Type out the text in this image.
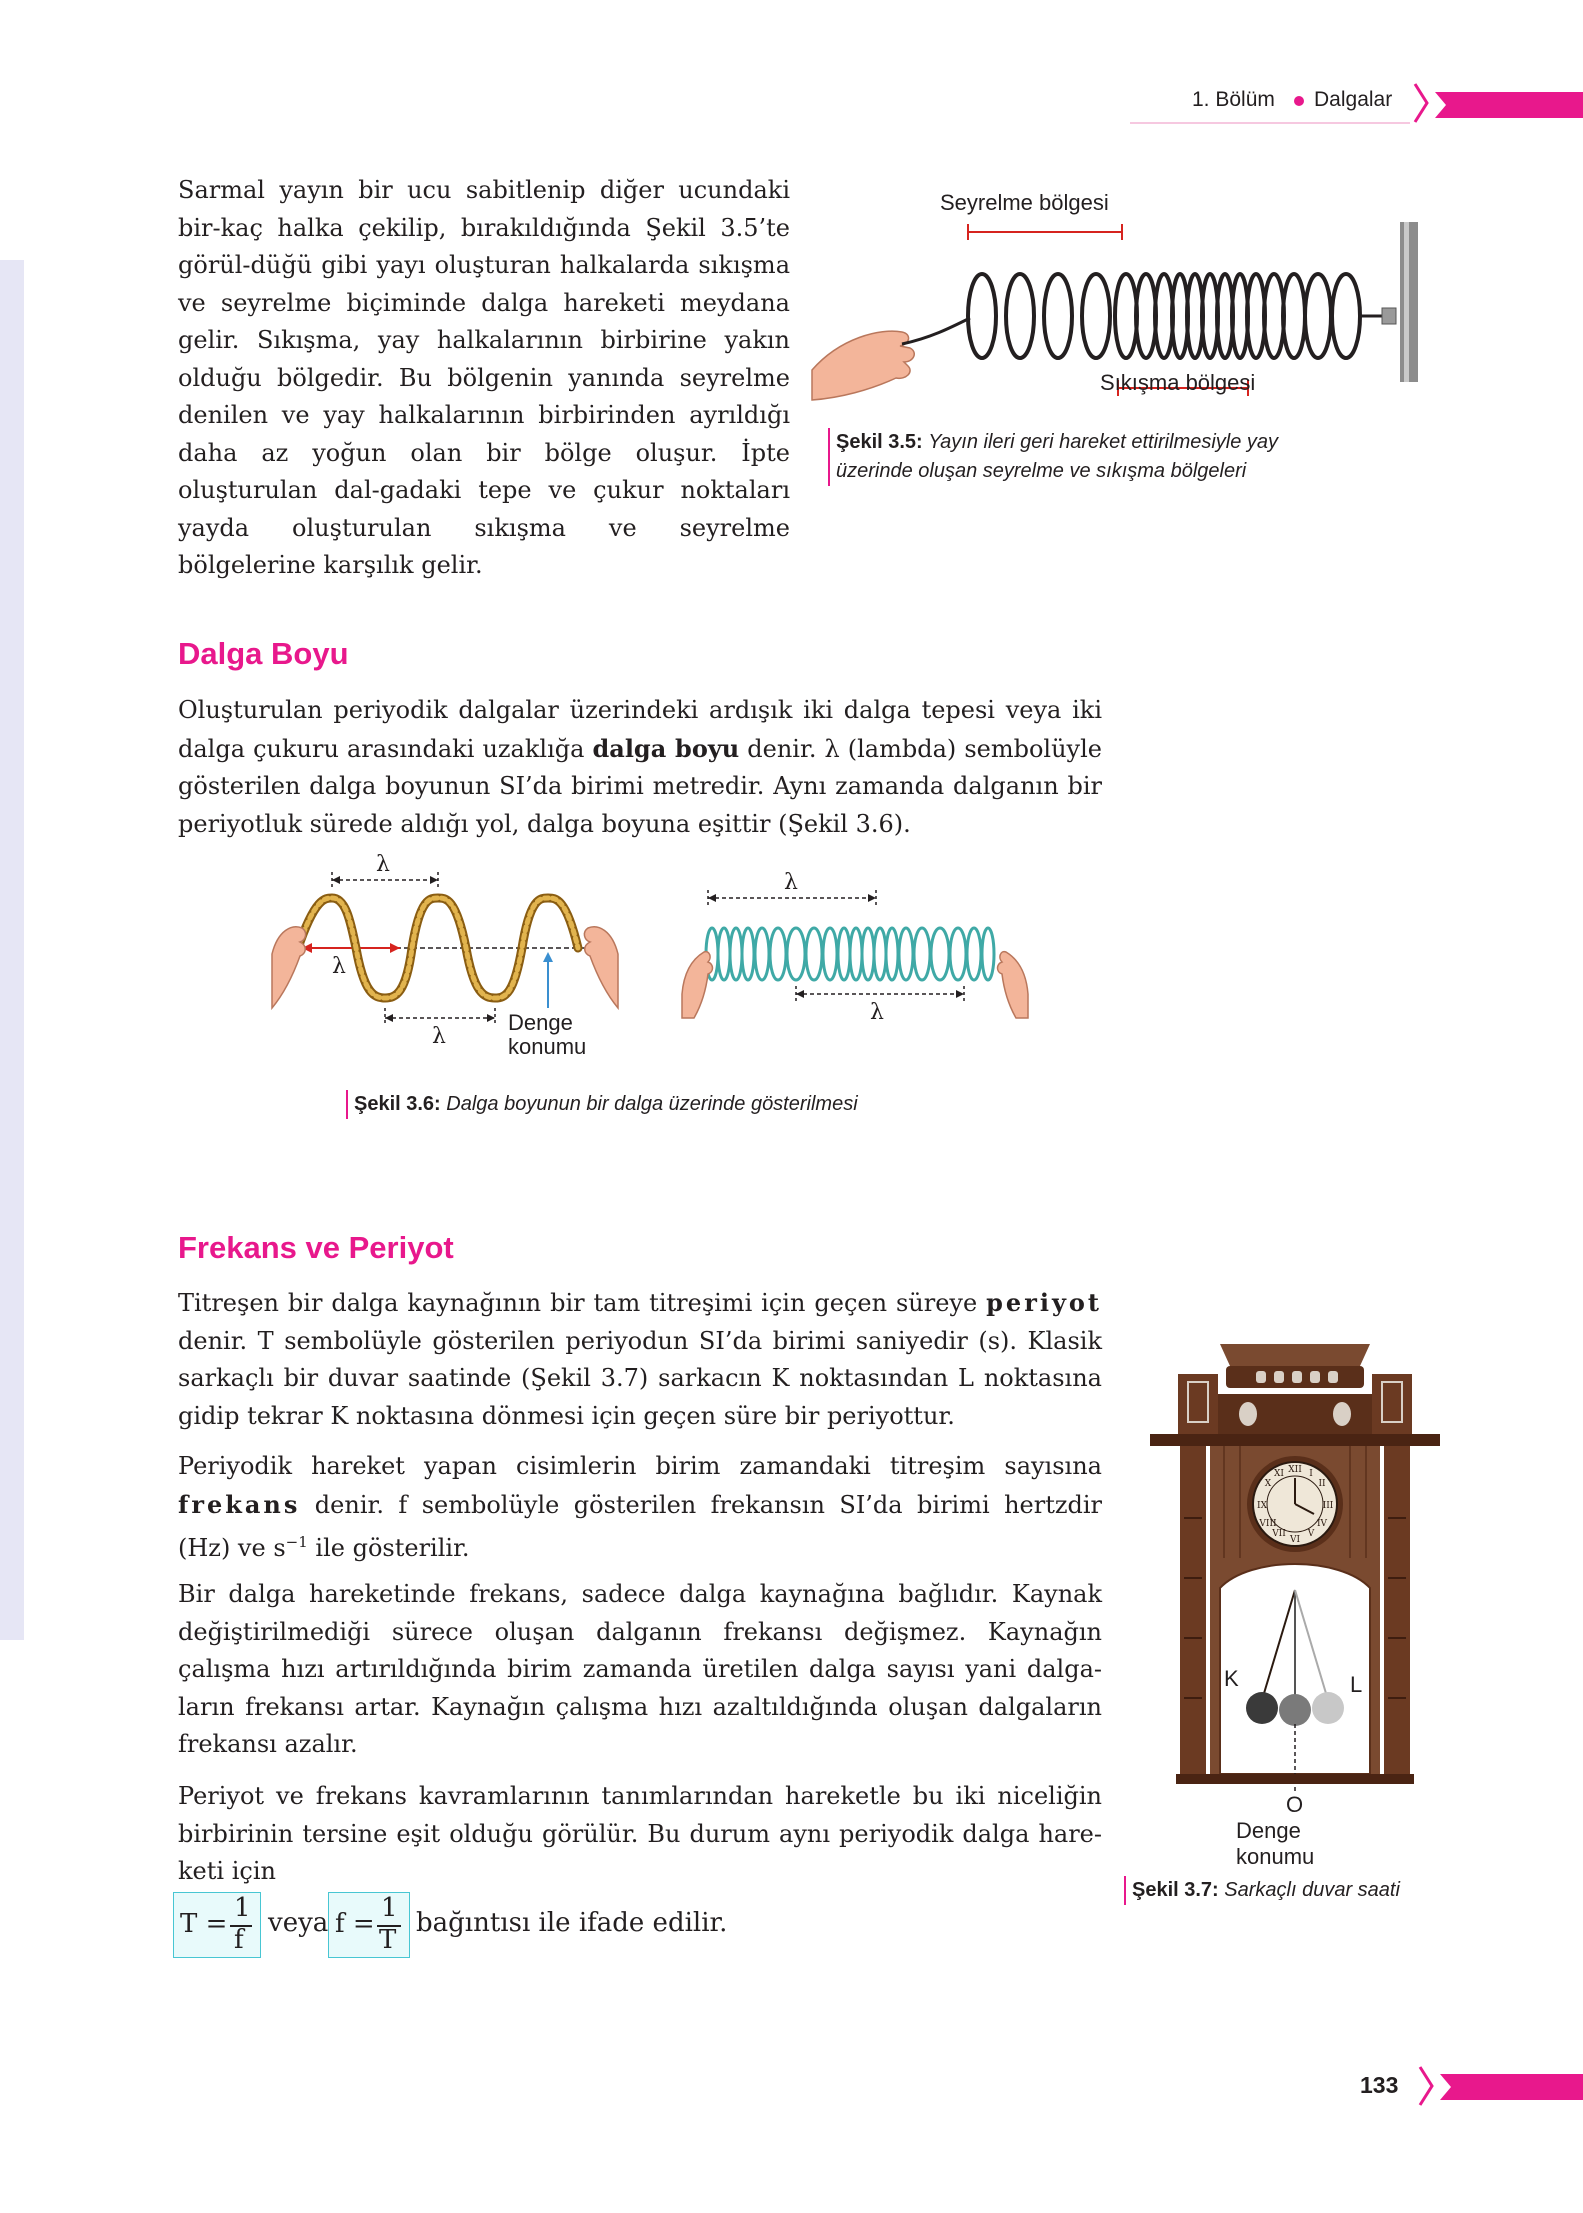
1. Bölüm Dalgalar

Sarmal yayın bir ucu sabitlenip diğer ucundaki bir-kaç halka çekilip, bırakıldığında Şekil 3.5’te görül-düğü gibi yayı oluşturan halkalarda sıkışma ve seyrelme biçiminde dalga hareketi meydana gelir. Sıkışma, yay halkalarının birbirine yakın olduğu bölgedir. Bu bölgenin yanında seyrelme denilen ve yay halkalarının birbirinden ayrıldığı daha az yoğun olan bir bölge oluşur. İpte oluşturulan dal-gadaki tepe ve çukur noktaları yayda oluşturulan sıkışma ve seyrelme bölgelerine karşılık gelir.

Seyrelme bölgesi
Sıkışma bölgesi
Şekil 3.5: Yayın ileri geri hareket ettirilmesiyle yay üzerinde oluşan seyrelme ve sıkışma bölgeleri
Dalga Boyu

Oluşturulan periyodik dalgalar üzerindeki ardışık iki dalga tepesi veya iki dalga çukuru arasındaki uzaklığa dalga boyu denir. λ (lambda) sembolüyle gösterilen dalga boyunun SI’da birimi metredir. Aynı zamanda dalganın bir periyotluk sürede aldığı yol, dalga boyuna eşittir (Şekil 3.6).

λ
λ
λ
Denge
konumu
λ
λ
Şekil 3.6: Dalga boyunun bir dalga üzerinde gösterilmesi
Frekans ve Periyot

Titreşen bir dalga kaynağının bir tam titreşimi için geçen süreye periyot denir. T sembolüyle gösterilen periyodun SI’da birimi saniyedir (s). Klasik sarkaçlı bir duvar saatinde (Şekil 3.7) sarkacın K noktasından L noktasına gidip tekrar K noktasına dönmesi için geçen süre bir periyottur.

Periyodik hareket yapan cisimlerin birim zamandaki titreşim sayısına frekans denir. f sembolüyle gösterilen frekansın SI’da birimi hertzdir (Hz) ve $s^{-1}$ ile gösterilir.

Bir dalga hareketinde frekans, sadece dalga kaynağına bağlıdır. Kaynak değiştirilmediği sürece oluşan dalganın frekansı değişmez. Kaynağın çalışma hızı artırıldığında birim zamanda üretilen dalga sayısı yani dalga-ların frekansı artar. Kaynağın çalışma hızı azaltıldığında oluşan dalgaların frekansı azalır.

Periyot ve frekans kavramlarının tanımlarından hareketle bu iki niceliğin birbirinin tersine eşit olduğu görülür. Bu durum aynı periyodik dalga hare-keti için

T =
1
f
veya f =
1
T
bağıntısı ile ifade edilir.
XII I
II
III
IV
V
VI
VII
VIII
IX
X
XI
K	L
O
Denge
konumu
Şekil 3.7: Sarkaçlı duvar saati
133
